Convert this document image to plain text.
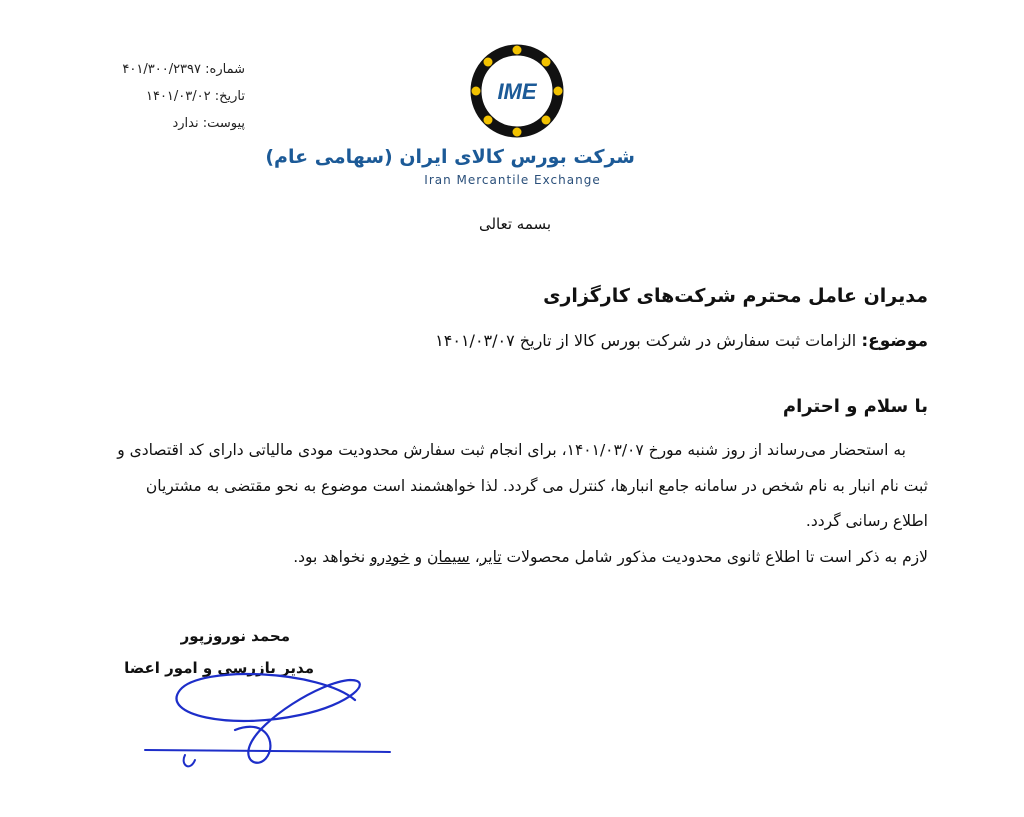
شماره: ۴۰۱/۳۰۰/۲۳۹۷
تاریخ: ۱۴۰۱/۰۳/۰۲
پیوست: ندارد
IME
شرکت بورس کالای ایران (سهامی عام)
Iran Mercantile Exchange
بسمه تعالی
مدیران عامل محترم شرکت‌های کارگزاری
موضوع: الزامات ثبت سفارش در شرکت بورس کالا از تاریخ ۱۴۰۱/۰۳/۰۷
با سلام و احترام

به استحضار می‌رساند از روز شنبه مورخ ۱۴۰۱/۰۳/۰۷، برای انجام ثبت سفارش محدودیت مودی مالیاتی دارای کد اقتصادی و ثبت نام انبار به نام شخص در سامانه جامع انبارها، کنترل می گردد. لذا خواهشمند است موضوع به نحو مقتضی به مشتریان اطلاع رسانی گردد.

لازم به ذکر است تا اطلاع ثانوی محدودیت مذکور شامل محصولات تایر، سیمان و خودرو نخواهد بود.

محمد نوروزپور
مدیر بازرسی و امور اعضا
